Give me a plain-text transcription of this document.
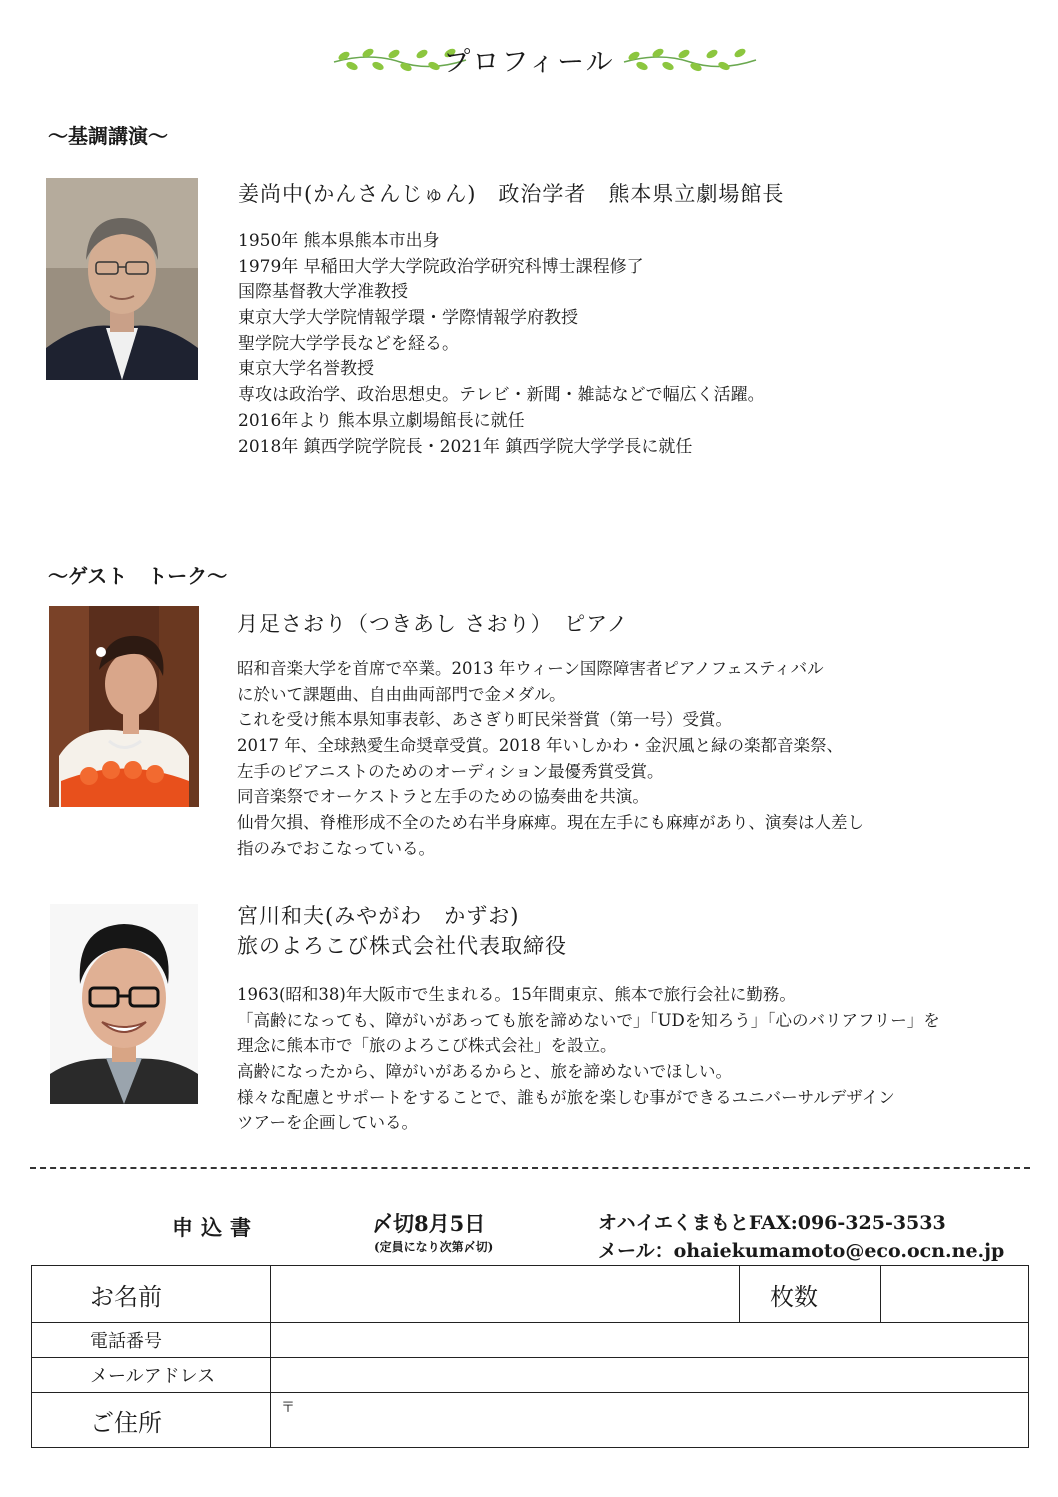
プロフィール
〜基調講演〜
姜尚中(かんさんじゅん)　政治学者　熊本県立劇場館長
1950年 熊本県熊本市出身
1979年 早稲田大学大学院政治学研究科博士課程修了
国際基督教大学准教授
東京大学大学院情報学環・学際情報学府教授
聖学院大学学長などを経る。
東京大学名誉教授
専攻は政治学、政治思想史。テレビ・新聞・雑誌などで幅広く活躍。
2016年より 熊本県立劇場館長に就任
2018年 鎮西学院学院長・2021年 鎮西学院大学学長に就任
〜ゲスト　トーク〜
月足さおり（つきあし さおり）　ピアノ
昭和音楽大学を首席で卒業。2013 年ウィーン国際障害者ピアノフェスティバル
に於いて課題曲、自由曲両部門で金メダル。
これを受け熊本県知事表彰、あさぎり町民栄誉賞（第一号）受賞。
2017 年、全球熱愛生命奨章受賞。2018 年いしかわ・金沢風と緑の楽都音楽祭、
左手のピアニストのためのオーディション最優秀賞受賞。
同音楽祭でオーケストラと左手のための協奏曲を共演。
仙骨欠損、脊椎形成不全のため右半身麻痺。現在左手にも麻痺があり、演奏は人差し
指のみでおこなっている。
宮川和夫(みやがわ　かずお)
旅のよろこび株式会社代表取締役
1963(昭和38)年大阪市で生まれる。15年間東京、熊本で旅行会社に勤務。
「高齢になっても、障がいがあっても旅を諦めないで」「UDを知ろう」「心のバリアフリー」を
理念に熊本市で「旅のよろこび株式会社」を設立。
高齢になったから、障がいがあるからと、旅を諦めないでほしい。
様々な配慮とサポートをすることで、誰もが旅を楽しむ事ができるユニバーサルデザイン
ツアーを企画している。
申込書	〆切8月5日
(定員になり次第〆切)
オハイエくまもとFAX:096-325-3533
メール：ohaiekumamoto@eco.ocn.ne.jp
お名前		枚数	
電話番号			
メールアドレス			
ご住所	〒		
